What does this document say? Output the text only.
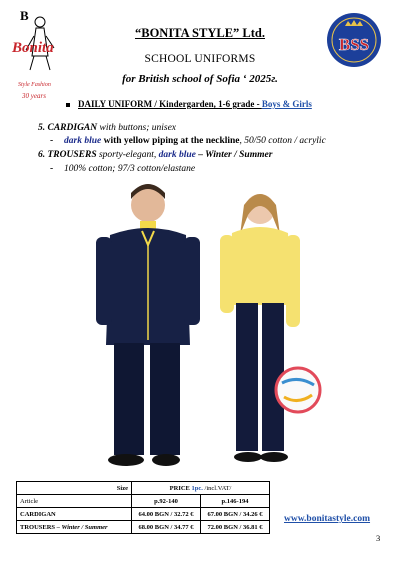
B
Bonita
Style Fashion
30 years
BSS
“BONITA STYLE” Ltd.
SCHOOL UNIFORMS
for British school of Sofia ‘ 2025г.
DAILY UNIFORM / Kindergarden, 1-6 grade - Boys & Girls
5. CARDIGAN with buttons; unisex
- dark blue with yellow piping at the neckline, 50/50 cotton / acrylic
6. TROUSERS sporty-elegant, dark blue – Winter / Summer
- 100% cotton; 97/3 cotton/elastane
Size	PRICE 1pc. /incl.VAT/	
Article	p.92-140	p.146-194
CARDIGAN	64.00 BGN / 32.72 €	67.00 BGN / 34.26 €
TROUSERS – Winter / Summer	68.00 BGN / 34.77 €	72.00 BGN / 36.81 €
www.bonitastyle.com
3
